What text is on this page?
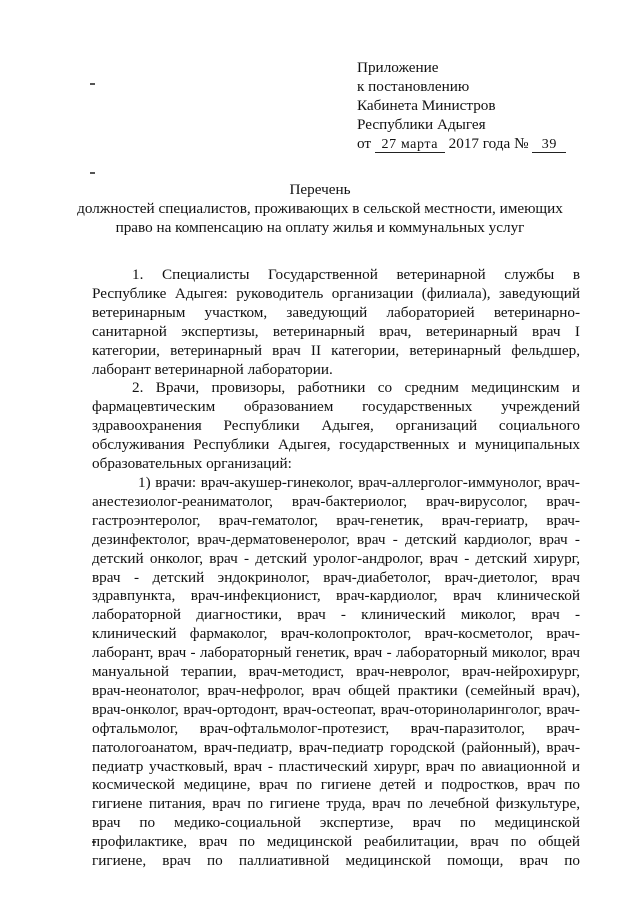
Приложение
к постановлению
Кабинета Министров
Республики Адыгея
от 27 марта 2017 года № 39
Перечень
должностей специалистов, проживающих в сельской местности, имеющих
право на компенсацию на оплату жилья и коммунальных услуг

1. Специалисты Государственной ветеринарной службы в Республике Адыгея: руководитель организации (филиала), заведующий ветеринарным участком, заведующий лабораторией ветеринарно-санитарной экспертизы, ветеринарный врач, ветеринарный врач I категории, ветеринарный врач II категории, ветеринарный фельдшер, лаборант ветеринарной лаборатории.

2. Врачи, провизоры, работники со средним медицинским и фармацевтическим образованием государственных учреждений здравоохранения Республики Адыгея, организаций социального обслуживания Республики Адыгея, государственных и муниципальных образовательных организаций:

1) врачи: врач-акушер-гинеколог, врач-аллерголог-иммунолог, врач-анестезиолог-реаниматолог, врач-бактериолог, врач-вирусолог, врач-гастроэнтеролог, врач-гематолог, врач-генетик, врач-гериатр, врач-дезинфектолог, врач-дерматовенеролог, врач - детский кардиолог, врач - детский онколог, врач - детский уролог-андролог, врач - детский хирург, врач - детский эндокринолог, врач-диабетолог, врач-диетолог, врач здравпункта, врач-инфекционист, врач-кардиолог, врач клинической лабораторной диагностики, врач - клинический миколог, врач - клинический фармаколог, врач-колопроктолог, врач-косметолог, врач-лаборант, врач - лабораторный генетик, врач - лабораторный миколог, врач мануальной терапии, врач-методист, врач-невролог, врач-нейрохирург, врач-неонатолог, врач-нефролог, врач общей практики (семейный врач), врач-онколог, врач-ортодонт, врач-остеопат, врач-оториноларинголог, врач-офтальмолог, врач-офтальмолог-протезист, врач-паразитолог, врач-патологоанатом, врач-педиатр, врач-педиатр городской (районный), врач-педиатр участковый, врач - пластический хирург, врач по авиационной и космической медицине, врач по гигиене детей и подростков, врач по гигиене питания, врач по гигиене труда, врач по лечебной физкультуре, врач по медико-социальной экспертизе, врач по медицинской профилактике, врач по медицинской реабилитации, врач по общей гигиене, врач по паллиативной медицинской помощи, врач по
